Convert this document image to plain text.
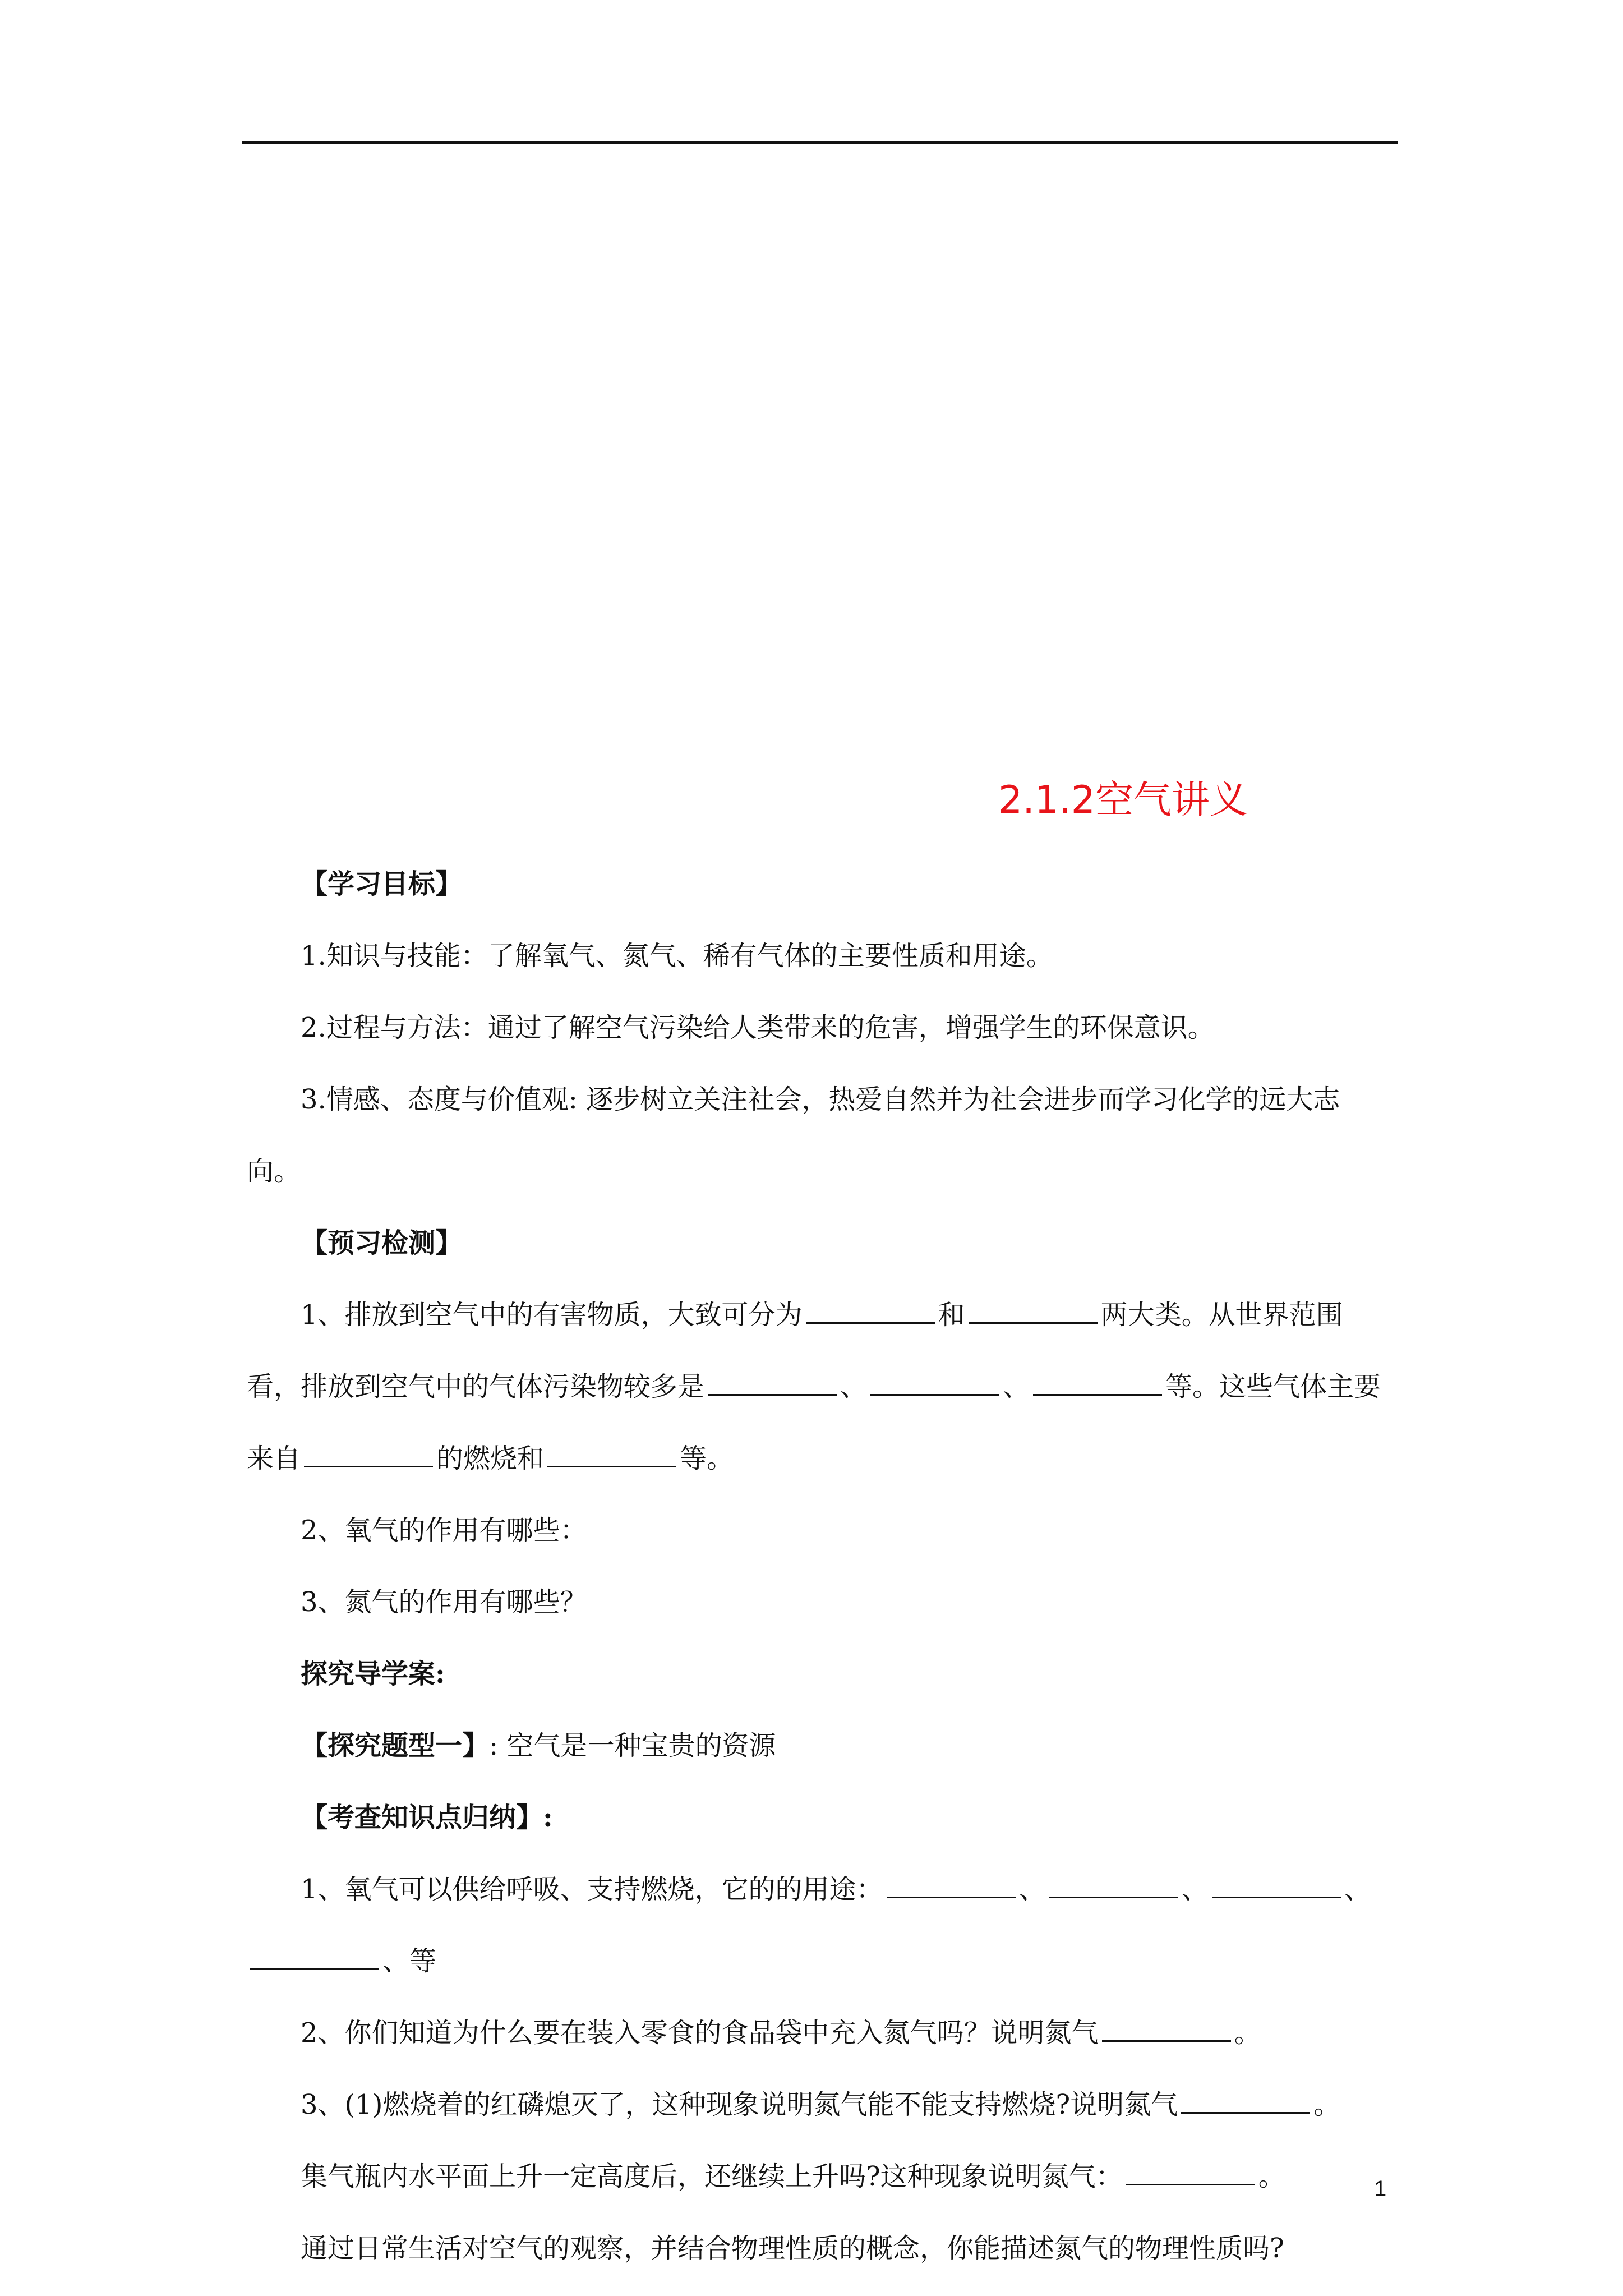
2.1.2空气讲义
【学习目标】
1.知识与技能：了解氧气、氮气、稀有气体的主要性质和用途。
2.过程与方法：通过了解空气污染给人类带来的危害，增强学生的环保意识。
3.情感、态度与价值观: 逐步树立关注社会，热爱自然并为社会进步而学习化学的远大志向。
【预习检测】
1、排放到空气中的有害物质，大致可分为	和	两大类。从世界范围看，排放到空气中的气体污染物较多是	、	、	等。这些气体主要来自	的燃烧和	等。
2、氧气的作用有哪些：
3、氮气的作用有哪些？
探究导学案:
【探究题型一】: 空气是一种宝贵的资源
【考查知识点归纳】:
1、氧气可以供给呼吸、支持燃烧，它的的用途：	、	、	、、等
2、你们知道为什么要在装入零食的食品袋中充入氮气吗？说明氮气	。
3、(1)燃烧着的红磷熄灭了，这种现象说明氮气能不能支持燃烧?说明氮气	。
集气瓶内水平面上升一定高度后，还继续上升吗?这种现象说明氮气：	。
通过日常生活对空气的观察，并结合物理性质的概念，你能描述氮气的物理性质吗?
1
